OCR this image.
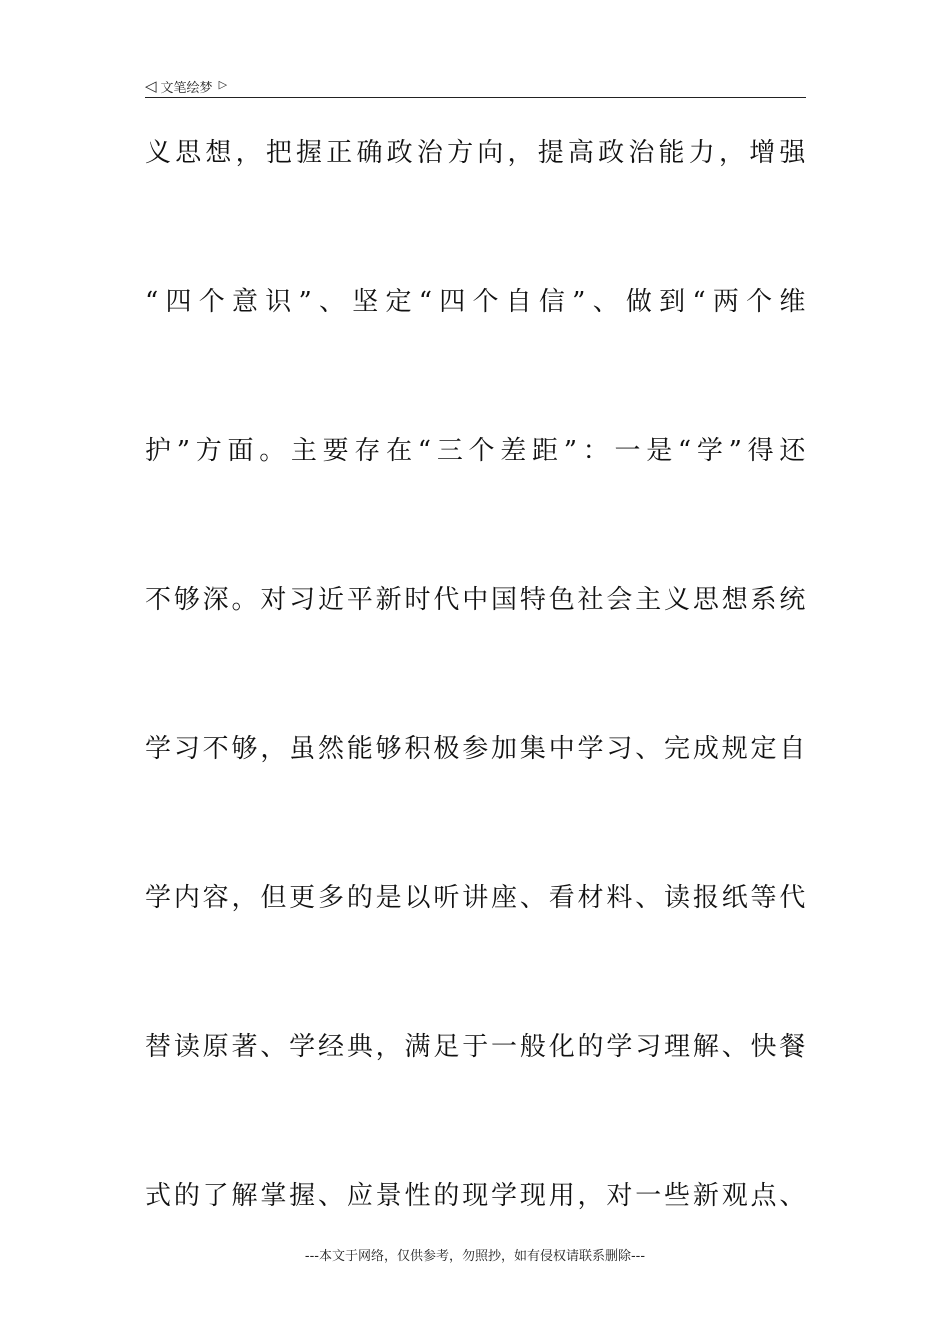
◁ 文笔绘梦 ▷
义思想，把握正确政治方向，提高政治能力，增强
“四个意识”、坚定“四个自信”、做到“两个维
护”方面。主要存在“三个差距”：一是“学”得还
不够深。对习近平新时代中国特色社会主义思想系统
学习不够，虽然能够积极参加集中学习、完成规定自
学内容，但更多的是以听讲座、看材料、读报纸等代
替读原著、学经典，满足于一般化的学习理解、快餐
式的了解掌握、应景性的现学现用，对一些新观点、
---本文于网络，仅供参考，勿照抄，如有侵权请联系删除---
